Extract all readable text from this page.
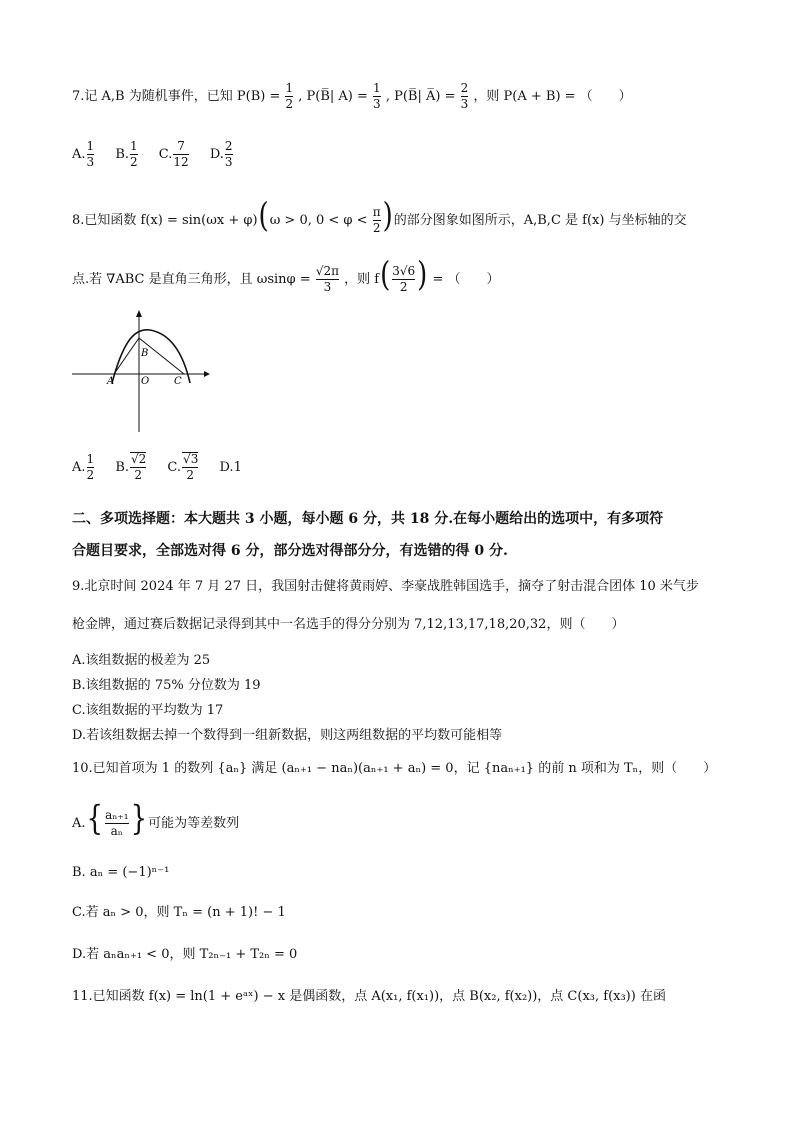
7.记 A,B 为随机事件，已知 $P(B) = \frac{1}{2}$ , P(B̅| $A) = \frac{1}{3}$ , P(B̅| A̅) = $\frac{2}{3}$ ，则 P(A + B) = （　　）
A. $\frac{1}{3}$
B. $\frac{1}{2}$
C. $\frac{7}{12}$
D. $\frac{2}{3}$
8.已知函数 f(x) = sin(ωx + φ)(ω > 0, $0 < \varphi < \frac{\pi}{2}$ )的部分图象如图所示，A,B,C 是 f(x) 与坐标轴的交
点.若 ∇ABC 是直角三角形，且 $\omega\sin\varphi = \frac{√2\pi}{3}$ ，则 $f( \frac{3√6}{2}$ ) = （　　）
A
B
O C
A. $\frac{1}{2}$
B. $\frac{√2}{2}$
C. $\frac{√3}{2}$
D. 1
二、多项选择题：本大题共 3 小题，每小题 6 分，共 18 分.在每小题给出的选项中，有多项符
合题目要求，全部选对得 6 分，部分选对得部分分，有选错的得 0 分.
9.北京时间 2024 年 7 月 27 日，我国射击健将黄雨婷、李豪战胜韩国选手，摘夺了射击混合团体 10 米气步
枪金牌，通过赛后数据记录得到其中一名选手的得分分别为 7,12,13,17,18,20,32，则（　　）
A.该组数据的极差为 25
B.该组数据的 75% 分位数为 19
C.该组数据的平均数为 17
D.若该组数据去掉一个数得到一组新数据，则这两组数据的平均数可能相等
10.已知首项为 1 的数列 {aₙ} 满足 (aₙ₊₁ − naₙ)(aₙ₊₁ + aₙ) = 0，记 {naₙ₊₁} 的前 n 项和为 Tₙ，则（　　）
$A.\{ \frac{\text{aₙ₊₁}}{\text{aₙ}}$ }可能为等差数列
B. aₙ = (−1)ⁿ⁻¹
C.若 aₙ > 0，则 Tₙ = (n + 1)! − 1
D.若 aₙaₙ₊₁ < 0，则 T₂ₙ₋₁ + T₂ₙ = 0
11.已知函数 f(x) = ln(1 + eᵃˣ) − x 是偶函数，点 A(x₁, f(x₁))，点 B(x₂, f(x₂))，点 C(x₃, f(x₃)) 在函
